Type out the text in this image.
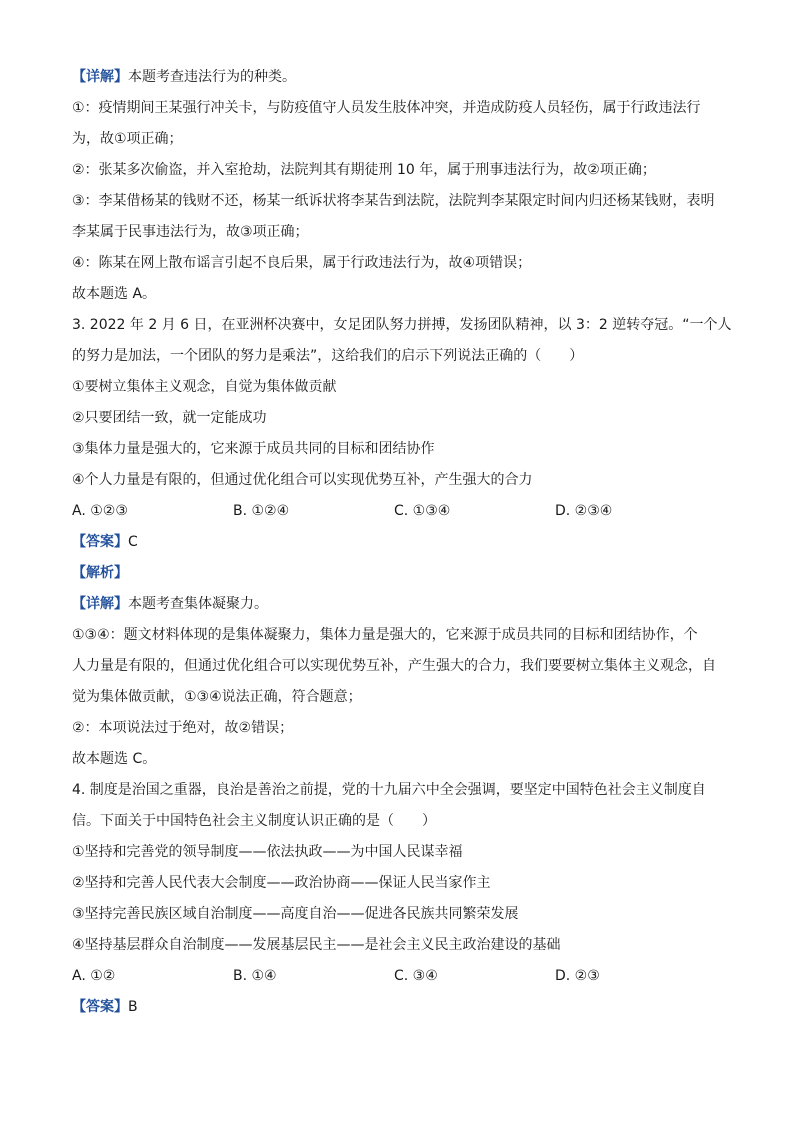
【详解】本题考查违法行为的种类。
①：疫情期间王某强行冲关卡，与防疫值守人员发生肢体冲突，并造成防疫人员轻伤，属于行政违法行
为，故①项正确；
②：张某多次偷盗，并入室抢劫，法院判其有期徒刑 10 年，属于刑事违法行为，故②项正确；
③：李某借杨某的钱财不还，杨某一纸诉状将李某告到法院，法院判李某限定时间内归还杨某钱财，表明
李某属于民事违法行为，故③项正确；
④：陈某在网上散布谣言引起不良后果，属于行政违法行为，故④项错误；
故本题选 A。
3. 2022 年 2 月 6 日，在亚洲杯决赛中，女足团队努力拼搏，发扬团队精神，以 3：2 逆转夺冠。“一个人
的努力是加法，一个团队的努力是乘法”，这给我们的启示下列说法正确的（　　）
①要树立集体主义观念，自觉为集体做贡献
②只要团结一致，就一定能成功
③集体力量是强大的，它来源于成员共同的目标和团结协作
④个人力量是有限的，但通过优化组合可以实现优势互补，产生强大的合力
A. ①②③	B. ①②④	C. ①③④	D. ②③④
【答案】C
【解析】
【详解】本题考查集体凝聚力。
①③④：题文材料体现的是集体凝聚力，集体力量是强大的，它来源于成员共同的目标和团结协作，个
人力量是有限的，但通过优化组合可以实现优势互补，产生强大的合力，我们要要树立集体主义观念，自
觉为集体做贡献，①③④说法正确，符合题意；
②：本项说法过于绝对，故②错误；
故本题选 C。
4. 制度是治国之重器，良治是善治之前提，党的十九届六中全会强调，要坚定中国特色社会主义制度自
信。下面关于中国特色社会主义制度认识正确的是（　　）
①坚持和完善党的领导制度——依法执政——为中国人民谋幸福
②坚持和完善人民代表大会制度——政治协商——保证人民当家作主
③坚持完善民族区域自治制度——高度自治——促进各民族共同繁荣发展
④坚持基层群众自治制度——发展基层民主——是社会主义民主政治建设的基础
A. ①②	B. ①④	C. ③④	D. ②③
【答案】B
